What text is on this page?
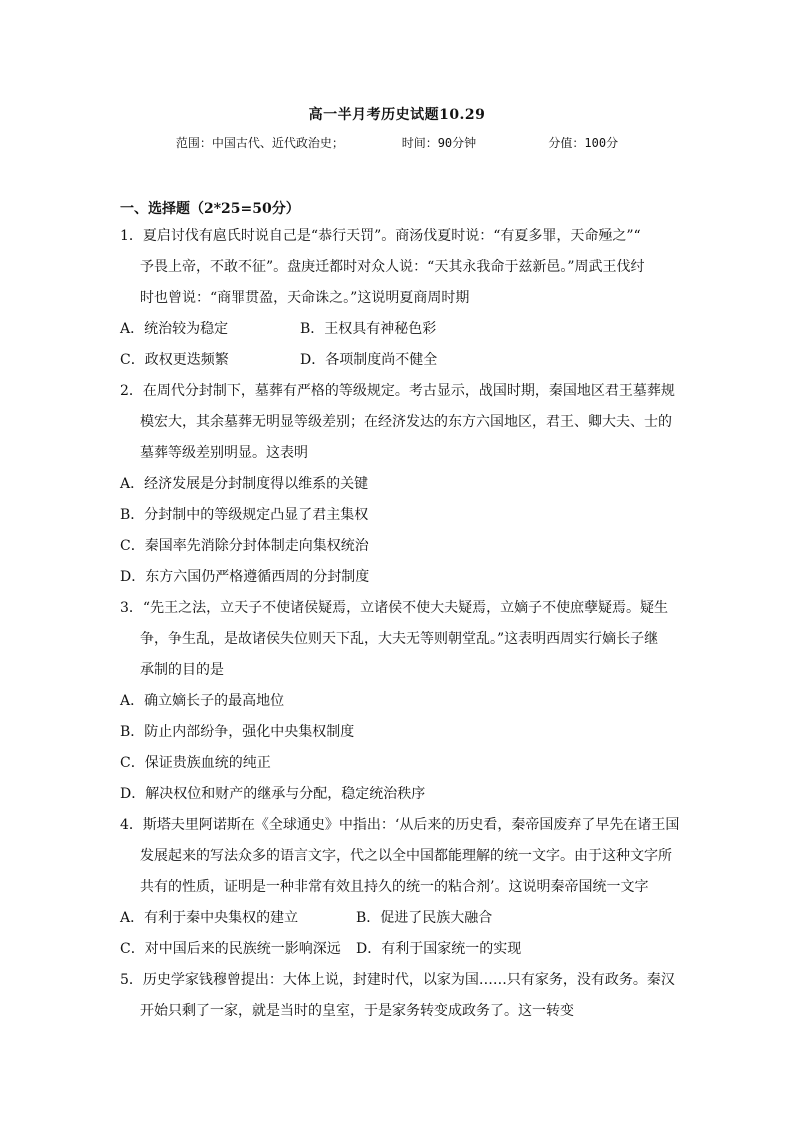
高一半月考历史试题10.29
范围：中国古代、近代政治史；	时间：90分钟	分值：100分
一、选择题（2*25=50分）
1．夏启讨伐有扈氏时说自己是“恭行天罚”。商汤伐夏时说：“有夏多罪，天命殛之”“
予畏上帝，不敢不征”。盘庚迁都时对众人说：“天其永我命于兹新邑。”周武王伐纣
时也曾说：“商罪贯盈，天命诛之。”这说明夏商周时期
A．统治较为稳定	B．王权具有神秘色彩
C．政权更迭频繁	D．各项制度尚不健全
2．在周代分封制下，墓葬有严格的等级规定。考古显示，战国时期，秦国地区君王墓葬规
模宏大，其余墓葬无明显等级差别；在经济发达的东方六国地区，君王、卿大夫、士的
墓葬等级差别明显。这表明
A．经济发展是分封制度得以维系的关键
B．分封制中的等级规定凸显了君主集权
C．秦国率先消除分封体制走向集权统治
D．东方六国仍严格遵循西周的分封制度
3．“先王之法，立天子不使诸侯疑焉，立诸侯不使大夫疑焉，立嫡子不使庶孽疑焉。疑生
争，争生乱，是故诸侯失位则天下乱，大夫无等则朝堂乱。”这表明西周实行嫡长子继
承制的目的是
A．确立嫡长子的最高地位
B．防止内部纷争，强化中央集权制度
C．保证贵族血统的纯正
D．解决权位和财产的继承与分配，稳定统治秩序
4．斯塔夫里阿诺斯在《全球通史》中指出：‘从后来的历史看，秦帝国废弃了早先在诸王国
发展起来的写法众多的语言文字，代之以全中国都能理解的统一文字。由于这种文字所
共有的性质，证明是一种非常有效且持久的统一的粘合剂’。这说明秦帝国统一文字
A．有利于秦中央集权的建立	B．促进了民族大融合
C．对中国后来的民族统一影响深远	D．有利于国家统一的实现
5．历史学家钱穆曾提出：大体上说，封建时代，以家为国……只有家务，没有政务。秦汉
开始只剩了一家，就是当时的皇室，于是家务转变成政务了。这一转变
